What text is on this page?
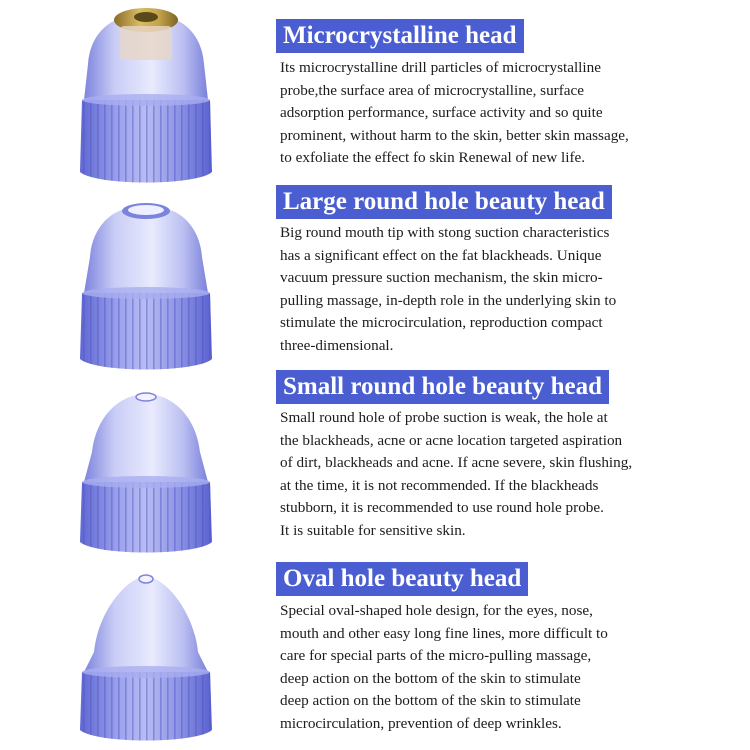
Microcrystalline head

Its microcrystalline drill particles of microcrystalline
probe,the surface area of microcrystalline, surface
adsorption performance, surface activity and so quite
prominent, without harm to the skin, better skin massage,
to exfoliate the effect fo skin Renewal of new life.

Large round hole beauty head

Big round mouth tip with stong suction characteristics
has a significant effect on the fat blackheads. Unique
vacuum pressure suction mechanism, the skin micro-
pulling massage, in-depth role in the underlying skin to
stimulate the microcirculation, reproduction compact
three-dimensional.

Small round hole beauty head

Small round hole of probe suction is weak, the hole at
the blackheads, acne or acne location targeted aspiration
of dirt, blackheads and acne. If acne severe, skin flushing,
at the time, it is not recommended. If the blackheads
stubborn, it is recommended to use round hole probe.
It is suitable for sensitive skin.

Oval hole beauty head

Special oval-shaped hole design, for the eyes, nose,
mouth and other easy long fine lines, more difficult to
care for special parts of the micro-pulling massage,
deep action on the bottom of the skin to stimulate
deep action on the bottom of the skin to stimulate
microcirculation, prevention of deep wrinkles.
